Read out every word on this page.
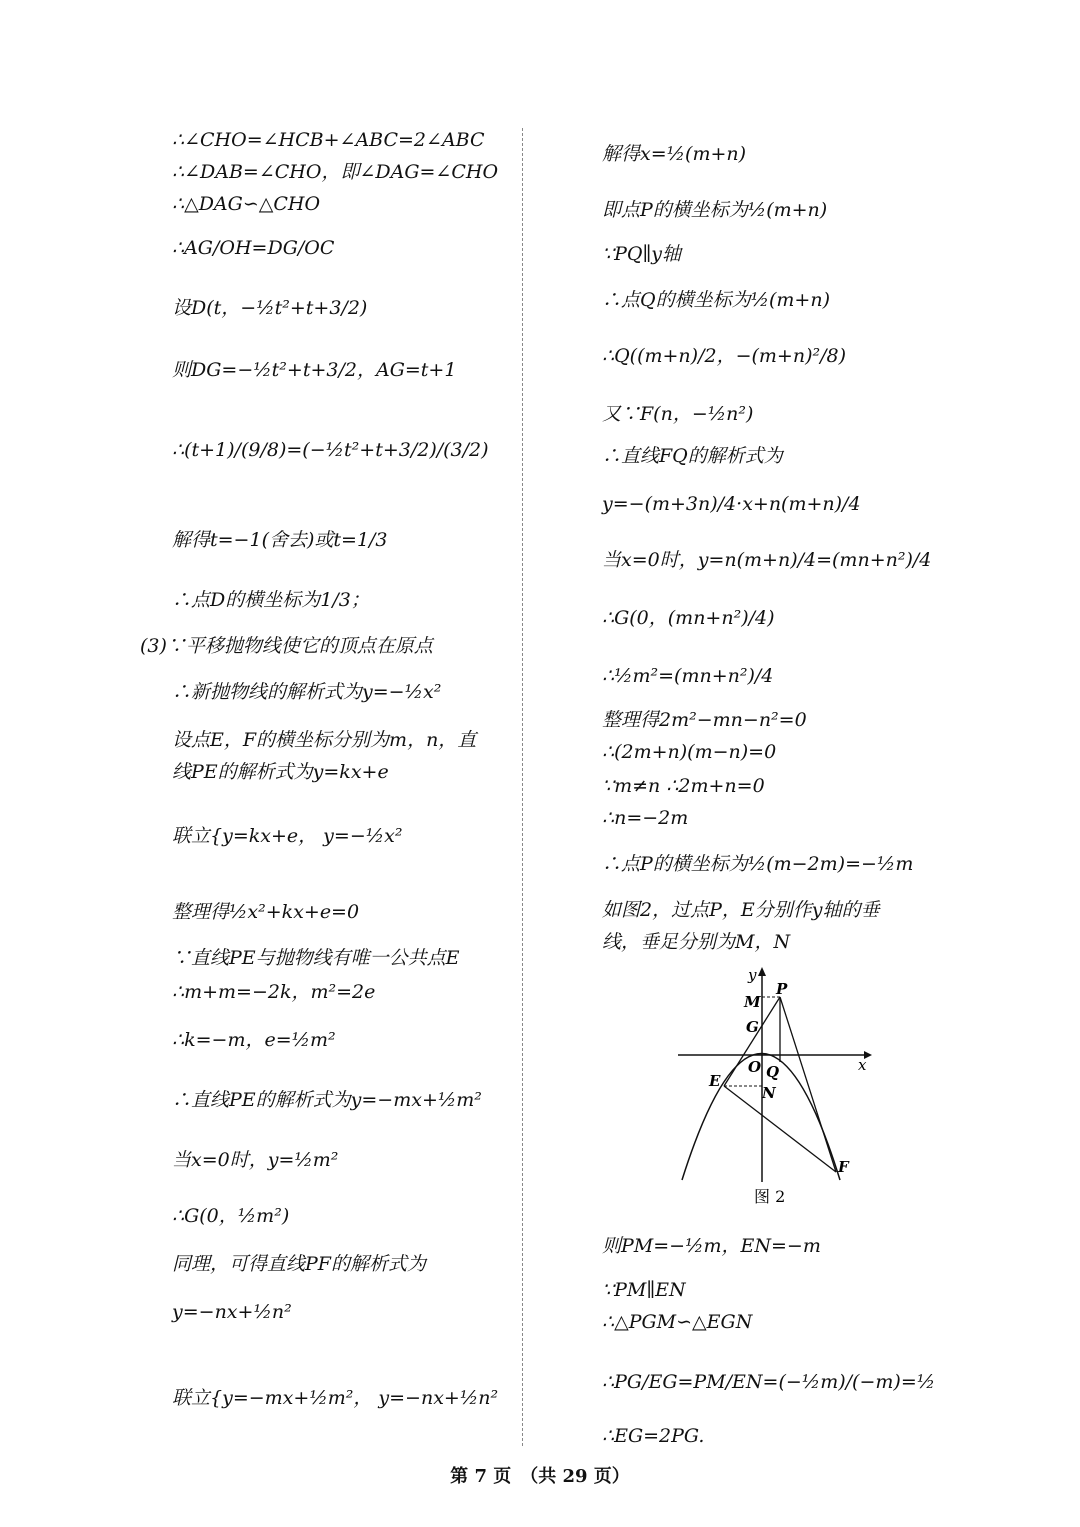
∴∠CHO=∠HCB+∠ABC=2∠ABC
∴∠DAB=∠CHO，即∠DAG=∠CHO
∴△DAG∽△CHO
∴AG/OH=DG/OC
设D(t，−½t²+t+3/2)
则DG=−½t²+t+3/2，AG=t+1
∴(t+1)/(9/8)=(−½t²+t+3/2)/(3/2)
解得t=−1(舍去)或t=1/3
∴点D的横坐标为1/3；
(3)∵平移抛物线使它的顶点在原点
∴新抛物线的解析式为y=−½x²
设点E，F的横坐标分别为m，n，直
线PE的解析式为y=kx+e
联立{y=kx+e， y=−½x²
整理得½x²+kx+e=0
∵直线PE与抛物线有唯一公共点E
∴m+m=−2k，m²=2e
∴k=−m，e=½m²
∴直线PE的解析式为y=−mx+½m²
当x=0时，y=½m²
∴G(0，½m²)
同理，可得直线PF的解析式为
y=−nx+½n²
联立{y=−mx+½m²， y=−nx+½n²
解得x=½(m+n)
即点P的横坐标为½(m+n)
∵PQ∥y轴
∴点Q的横坐标为½(m+n)
∴Q((m+n)/2，−(m+n)²/8)
又∵F(n，−½n²)
∴直线FQ的解析式为
y=−(m+3n)/4·x+n(m+n)/4
当x=0时，y=n(m+n)/4=(mn+n²)/4
∴G(0，(mn+n²)/4)
∴½m²=(mn+n²)/4
整理得2m²−mn−n²=0
∴(2m+n)(m−n)=0
∵m≠n ∴2m+n=0
∴n=−2m
∴点P的横坐标为½(m−2m)=−½m
如图2，过点P，E分别作y轴的垂
线，垂足分别为M，N
则PM=−½m，EN=−m
∵PM∥EN
∴△PGM∽△EGN
∴PG/EG=PM/EN=(−½m)/(−m)=½
∴EG=2PG.
y
x
P
M
G
O Q
E
N
F
图 2
第 7 页　（共 29 页）
